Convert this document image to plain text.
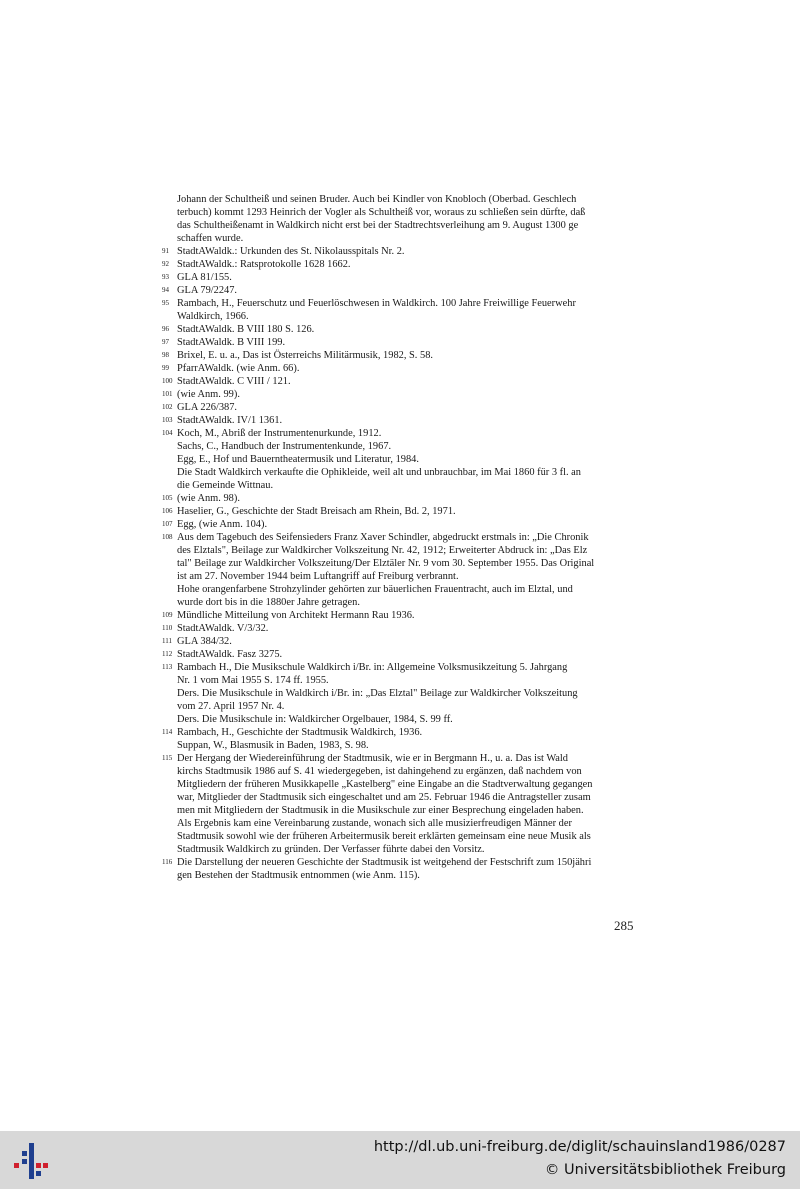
Johann der Schultheiß und seinen Bruder. Auch bei Kindler von Knobloch (Oberbad. Geschlech
terbuch) kommt 1293 Heinrich der Vogler als Schultheiß vor, woraus zu schließen sein dürfte, daß
das Schultheißenamt in Waldkirch nicht erst bei der Stadtrechtsverleihung am 9. August 1300 ge
schaffen wurde.
91 StadtAWaldk.: Urkunden des St. Nikolausspitals Nr. 2.
92 StadtAWaldk.: Ratsprotokolle 1628 1662.
93 GLA 81/155.
94 GLA 79/2247.
95 Rambach, H., Feuerschutz und Feuerlöschwesen in Waldkirch. 100 Jahre Freiwillige Feuerwehr
Waldkirch, 1966.
96 StadtAWaldk. B VIII 180 S. 126.
97 StadtAWaldk. B VIII 199.
98 Brixel, E. u. a., Das ist Österreichs Militärmusik, 1982, S. 58.
99 PfarrAWaldk. (wie Anm. 66).
100 StadtAWaldk. C VIII / 121.
101 (wie Anm. 99).
102 GLA 226/387.
103 StadtAWaldk. IV/1 1361.
104 Koch, M., Abriß der Instrumentenurkunde, 1912.
Sachs, C., Handbuch der Instrumentenkunde, 1967.
Egg, E., Hof und Bauerntheatermusik und Literatur, 1984.
Die Stadt Waldkirch verkaufte die Ophikleide, weil alt und unbrauchbar, im Mai 1860 für 3 fl. an
die Gemeinde Wittnau.
105 (wie Anm. 98).
106 Haselier, G., Geschichte der Stadt Breisach am Rhein, Bd. 2, 1971.
107 Egg, (wie Anm. 104).
108 Aus dem Tagebuch des Seifensieders Franz Xaver Schindler, abgedruckt erstmals in: „Die Chronik
des Elztals", Beilage zur Waldkircher Volkszeitung Nr. 42, 1912; Erweiterter Abdruck in: „Das Elz
tal" Beilage zur Waldkircher Volkszeitung/Der Elztäler Nr. 9 vom 30. September 1955. Das Original
ist am 27. November 1944 beim Luftangriff auf Freiburg verbrannt.
Hohe orangenfarbene Strohzylinder gehörten zur bäuerlichen Frauentracht, auch im Elztal, und
wurde dort bis in die 1880er Jahre getragen.
109 Mündliche Mitteilung von Architekt Hermann Rau 1936.
110 StadtAWaldk. V/3/32.
111 GLA 384/32.
112 StadtAWaldk. Fasz 3275.
113 Rambach H., Die Musikschule Waldkirch i/Br. in: Allgemeine Volksmusikzeitung 5. Jahrgang
Nr. 1 vom Mai 1955 S. 174 ff. 1955.
Ders. Die Musikschule in Waldkirch i/Br. in: „Das Elztal" Beilage zur Waldkircher Volkszeitung
vom 27. April 1957 Nr. 4.
Ders. Die Musikschule in: Waldkircher Orgelbauer, 1984, S. 99 ff.
114 Rambach, H., Geschichte der Stadtmusik Waldkirch, 1936.
Suppan, W., Blasmusik in Baden, 1983, S. 98.
115 Der Hergang der Wiedereinführung der Stadtmusik, wie er in Bergmann H., u. a. Das ist Wald
kirchs Stadtmusik 1986 auf S. 41 wiedergegeben, ist dahingehend zu ergänzen, daß nachdem von
Mitgliedern der früheren Musikkapelle „Kastelberg" eine Eingabe an die Stadtverwaltung gegangen
war, Mitglieder der Stadtmusik sich eingeschaltet und am 25. Februar 1946 die Antragsteller zusam
men mit Mitgliedern der Stadtmusik in die Musikschule zur einer Besprechung eingeladen haben.
Als Ergebnis kam eine Vereinbarung zustande, wonach sich alle musizierfreudigen Männer der
Stadtmusik sowohl wie der früheren Arbeitermusik bereit erklärten gemeinsam eine neue Musik als
Stadtmusik Waldkirch zu gründen. Der Verfasser führte dabei den Vorsitz.
116 Die Darstellung der neueren Geschichte der Stadtmusik ist weitgehend der Festschrift zum 150jähri
gen Bestehen der Stadtmusik entnommen (wie Anm. 115).
285
http://dl.ub.uni-freiburg.de/diglit/schauinsland1986/0287
© Universitätsbibliothek Freiburg
